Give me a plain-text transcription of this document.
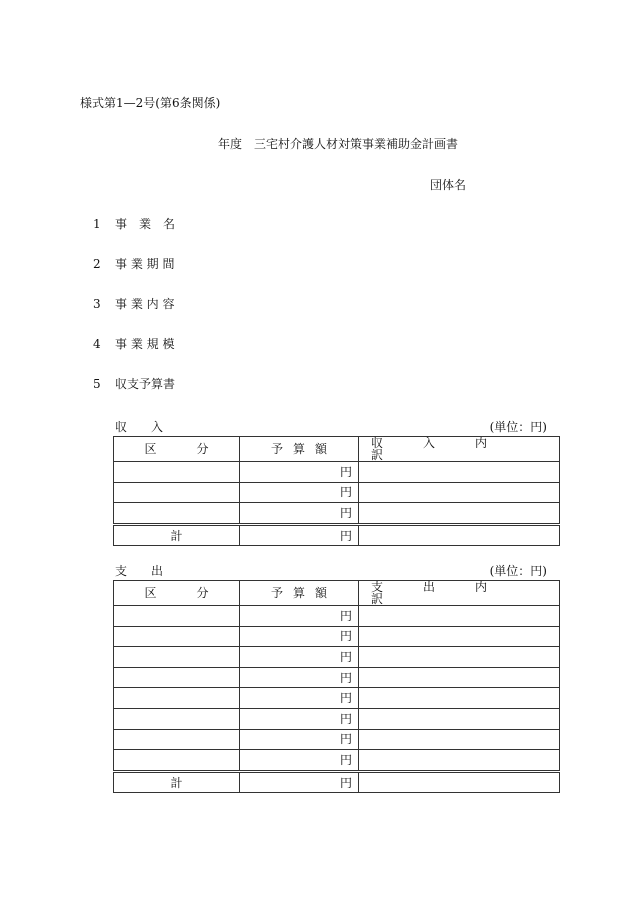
様式第1—2号(第6条関係)
年度　三宅村介護人材対策事業補助金計画書
団体名
1 事　業　名
2 事 業 期 間
3 事 業 内 容
4 事 業 規 模
5 収支予算書
収入	(単位：円)
区分	予算額	収入内訳
	円	
	円	
	円	
計	円	
支出	(単位：円)
区分	予算額	支出内訳
	円	
	円	
	円	
	円	
	円	
	円	
	円	
	円	
計	円	
